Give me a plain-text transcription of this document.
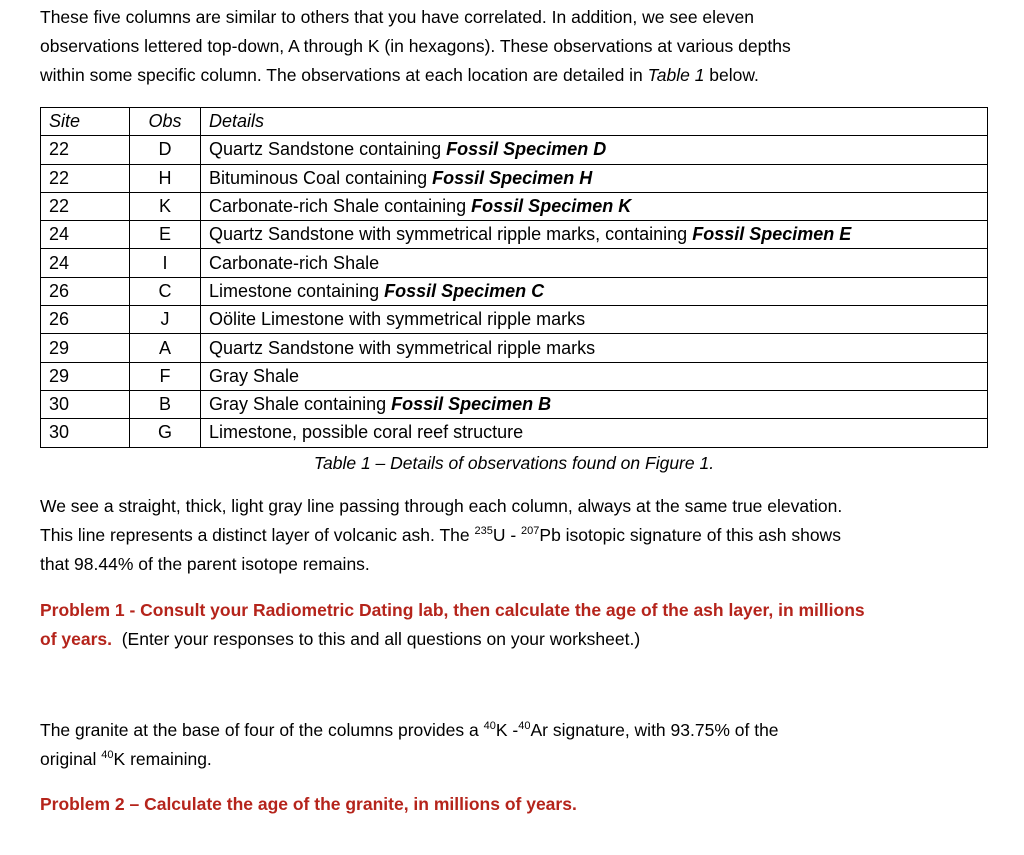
These five columns are similar to others that you have correlated. In addition, we see eleven
observations lettered top-down, A through K (in hexagons). These observations at various depths
within some specific column. The observations at each location are detailed in Table 1 below.

Site	Obs	Details
22	D	Quartz Sandstone containing Fossil Specimen D
22	H	Bituminous Coal containing Fossil Specimen H
22	K	Carbonate-rich Shale containing Fossil Specimen K
24	E	Quartz Sandstone with symmetrical ripple marks, containing Fossil Specimen E
24	I	Carbonate-rich Shale
26	C	Limestone containing Fossil Specimen C
26	J	Oölite Limestone with symmetrical ripple marks
29	A	Quartz Sandstone with symmetrical ripple marks
29	F	Gray Shale
30	B	Gray Shale containing Fossil Specimen B
30	G	Limestone, possible coral reef structure
Table 1 – Details of observations found on Figure 1.

We see a straight, thick, light gray line passing through each column, always at the same true elevation.
This line represents a distinct layer of volcanic ash. The $^{235}$U - $^{207}$Pb isotopic signature of this ash shows
that 98.44% of the parent isotope remains.

Problem 1 - Consult your Radiometric Dating lab, then calculate the age of the ash layer, in millions
of years.  (Enter your responses to this and all questions on your worksheet.)

The granite at the base of four of the columns provides a $^{40}$K -$^{40}$Ar signature, with 93.75% of the
original $^{40}$K remaining.

Problem 2 – Calculate the age of the granite, in millions of years.
